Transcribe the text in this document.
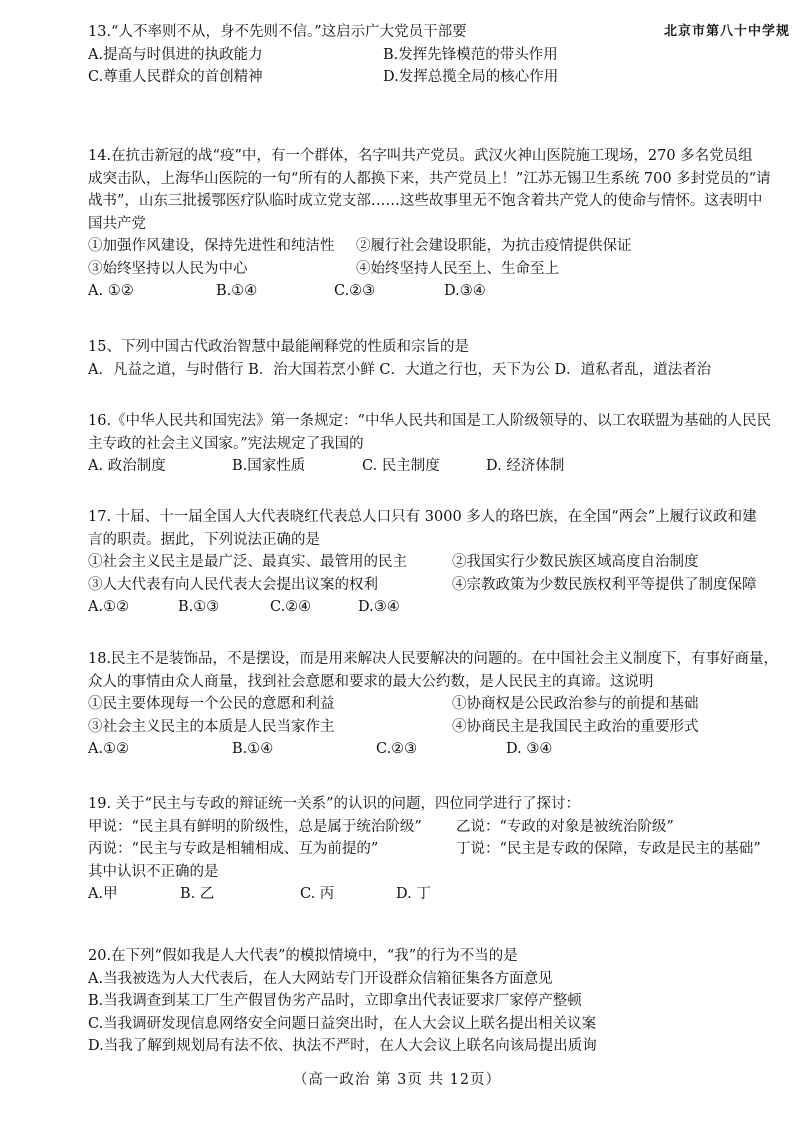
北京市第八十中学规
13.“人不率则不从，身不先则不信。”这启示广大党员干部要
A.提高与时俱进的执政能力	B.发挥先锋模范的带头作用
C.尊重人民群众的首创精神	D.发挥总揽全局的核心作用
14.在抗击新冠的战“疫”中，有一个群体，名字叫共产党员。武汉火神山医院施工现场，270 多名党员组
成突击队，上海华山医院的一句“所有的人都换下来，共产党员上！”江苏无锡卫生系统 700 多封党员的“请
战书”，山东三批援鄂医疗队临时成立党支部……这些故事里无不饱含着共产党人的使命与情怀。这表明中
国共产党
①加强作风建设，保持先进性和纯洁性 ②履行社会建设职能，为抗击疫情提供保证
③始终坚持以人民为中心	④始终坚持人民至上、生命至上
A. ①②	B.①④	C.②③	D.③④
15、下列中国古代政治智慧中最能阐释党的性质和宗旨的是
A．凡益之道，与时偕行 B．治大国若烹小鲜 C．大道之行也，天下为公 D．道私者乱，道法者治
16.《中华人民共和国宪法》第一条规定：“中华人民共和国是工人阶级领导的、以工农联盟为基础的人民民
主专政的社会主义国家。”宪法规定了我国的
A. 政治制度	B.国家性质	C. 民主制度	D. 经济体制
17. 十届、十一届全国人大代表晓红代表总人口只有 3000 多人的珞巴族，在全国“两会”上履行议政和建
言的职责。据此，下列说法正确的是
①社会主义民主是最广泛、最真实、最管用的民主	②我国实行少数民族区域高度自治制度
③人大代表有向人民代表大会提出议案的权利	④宗教政策为少数民族权利平等提供了制度保障
A.①②	B.①③	C.②④	D.③④
18.民主不是装饰品，不是摆设，而是用来解决人民要解决的问题的。在中国社会主义制度下，有事好商量，
众人的事情由众人商量，找到社会意愿和要求的最大公约数，是人民民主的真谛。这说明
①民主要体现每一个公民的意愿和利益	①协商权是公民政治参与的前提和基础
③社会主义民主的本质是人民当家作主	④协商民主是我国民主政治的重要形式
A.①②	B.①④	C.②③	D. ③④
19. 关于“民主与专政的辩证统一关系”的认识的问题，四位同学进行了探讨：
甲说：“民主具有鲜明的阶级性，总是属于统治阶级” 乙说：“专政的对象是被统治阶级”
丙说：“民主与专政是相辅相成、互为前提的”	丁说：“民主是专政的保障，专政是民主的基础”
其中认识不正确的是
A.甲	B. 乙	C. 丙	D. 丁
20.在下列“假如我是人大代表”的模拟情境中，“我”的行为不当的是
A.当我被选为人大代表后，在人大网站专门开设群众信箱征集各方面意见
B.当我调查到某工厂生产假冒伪劣产品时，立即拿出代表证要求厂家停产整顿
C.当我调研发现信息网络安全问题日益突出时，在人大会议上联名提出相关议案
D.当我了解到规划局有法不依、执法不严时，在人大会议上联名向该局提出质询
（高一政治 第 3页 共 12页）
